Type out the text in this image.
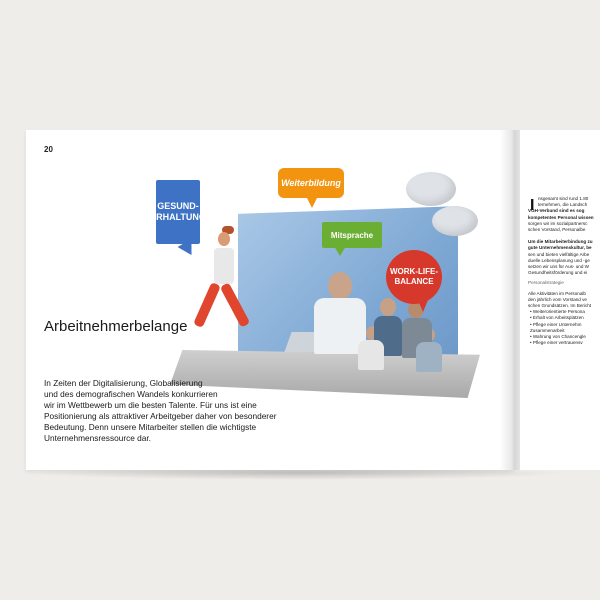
20
GESUND-
ERHALTUNG
Weiterbildung
Mitsprache
WORK-LIFE-
BALANCE
Arbeitnehmerbelange
In Zeiten der Digitalisierung, Globalisierung
und des demografischen Wandels konkurrieren
wir im Wettbewerb um die besten Talente. Für uns ist eine
Positionierung als attraktiver Arbeitgeber daher von besonderer
Bedeutung. Denn unsere Mitarbeiter stellen die wichtigste
Unternehmensressource dar.
I nsgesamt sind rund 1.80
ternehmen, die Landsch
VGH-Verbund sind es sog
kompetentes Personal wissen
sorgen wir im sozialpartnersc
schen Vorstand, Personalbe
Um die Mitarbeiterbindung zu
gute Unternehmenskultur, be
sen und bieten vielfältige Arbe
duelle Lebensplanung und -ge
setzen wir uns für Aus- und W
Gesundheitsförderung und ei
Personalstrategie
Alle Aktivitäten im Personalb
den jährlich vom Vorstand ve
schen Grundsätzen. Im Bericht
• Weiterorientierte Persona
• Erhalt von Arbeitsplätzen
• Pflege einer Unternehm
Zusammenarbeit
• Wahrung von Chancengle
• Pflege einer vertrauensv
